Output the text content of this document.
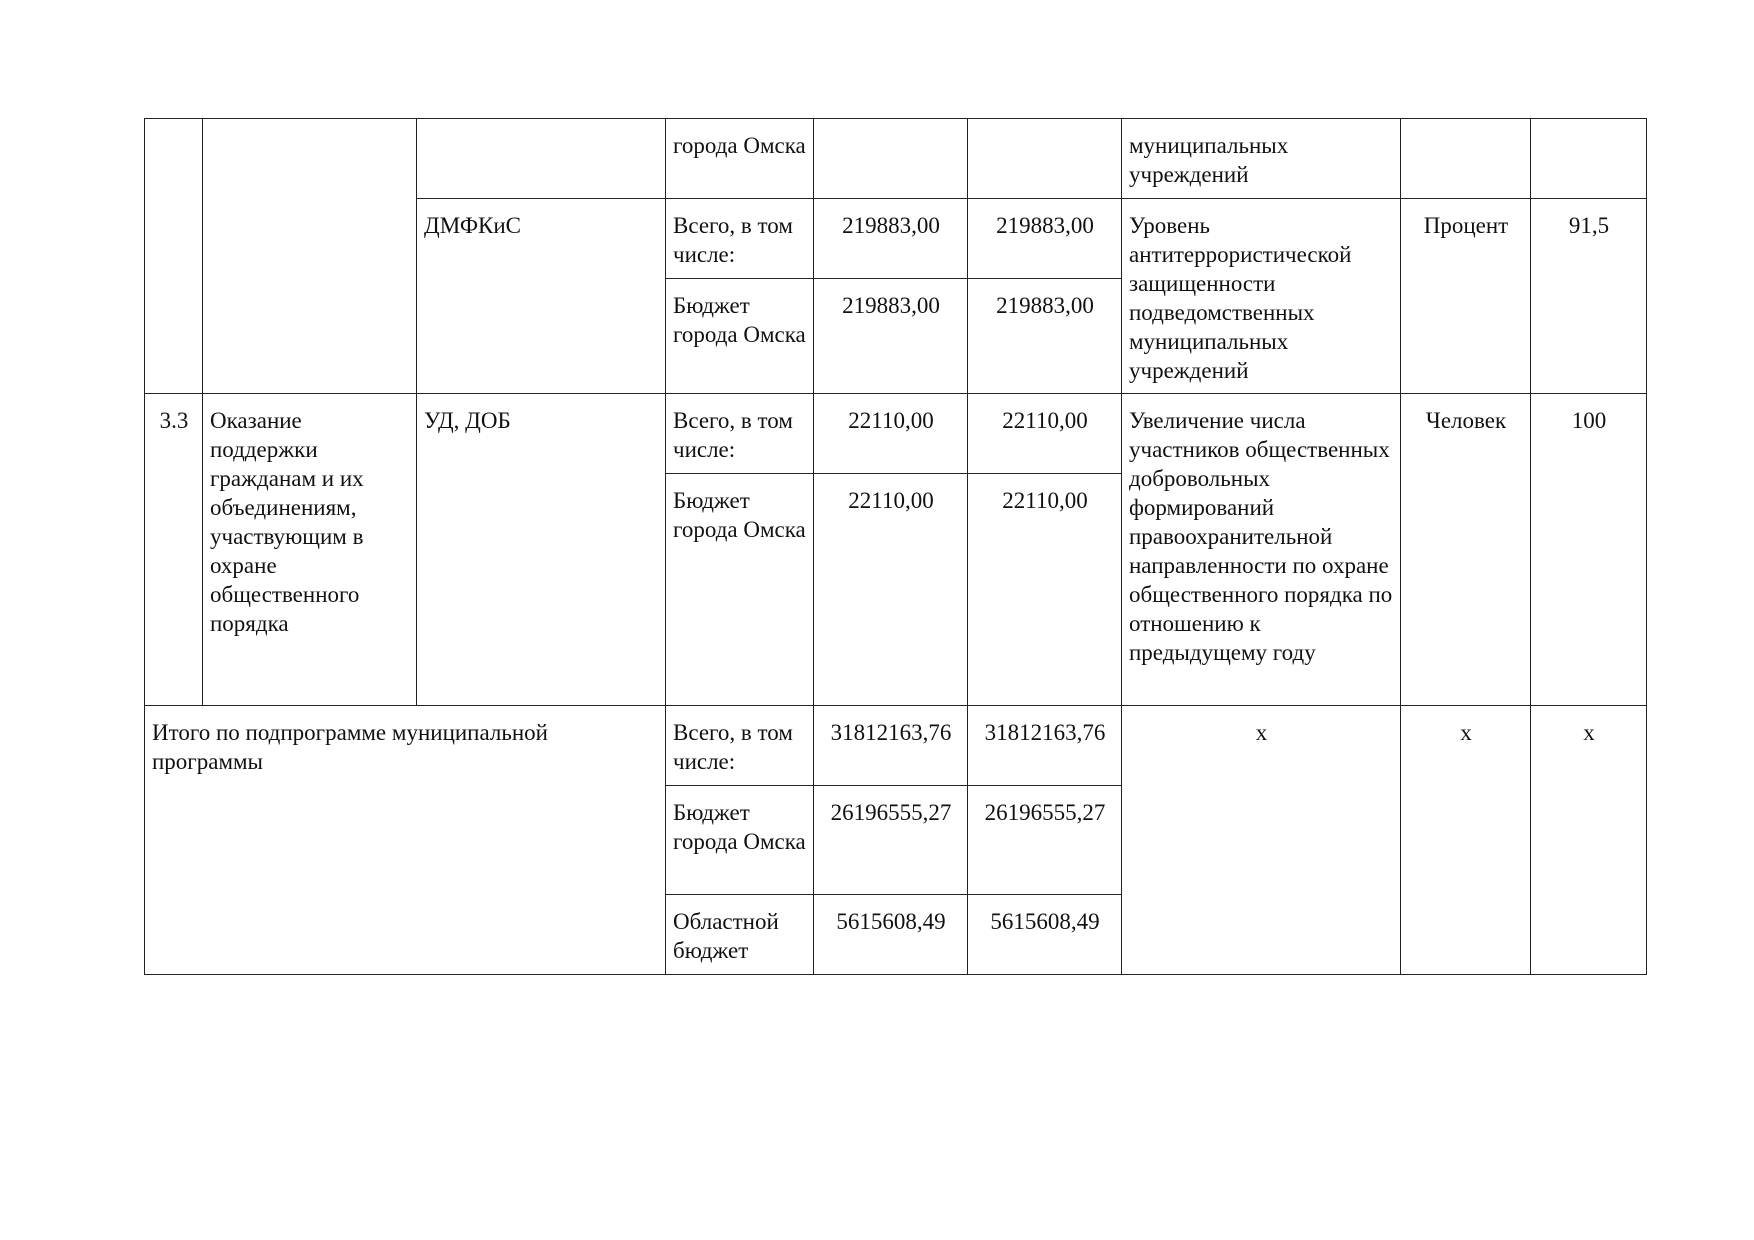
			города Омска			муниципальных учреждений		
		ДМФКиС	Всего, в том числе:	219883,00	219883,00	Уровень антитеррористической защищенности подведомственных муниципальных учреждений	Процент	91,5
			Бюджет города Омска	219883,00	219883,00			
3.3	Оказание поддержки гражданам и их объединениям, участвующим в охране общественного порядка	УД, ДОБ	Всего, в том числе:	22110,00	22110,00	Увеличение числа участников общественных добровольных формирований правоохранительной направленности по охране общественного порядка по отношению к предыдущему году	Человек	100
			Бюджет города Омска	22110,00	22110,00			
Итого по подпрограмме муниципальной программы			Всего, в том числе:	31812163,76	31812163,76	x	x	x
			Бюджет города Омска	26196555,27	26196555,27			
			Областной бюджет	5615608,49	5615608,49			
